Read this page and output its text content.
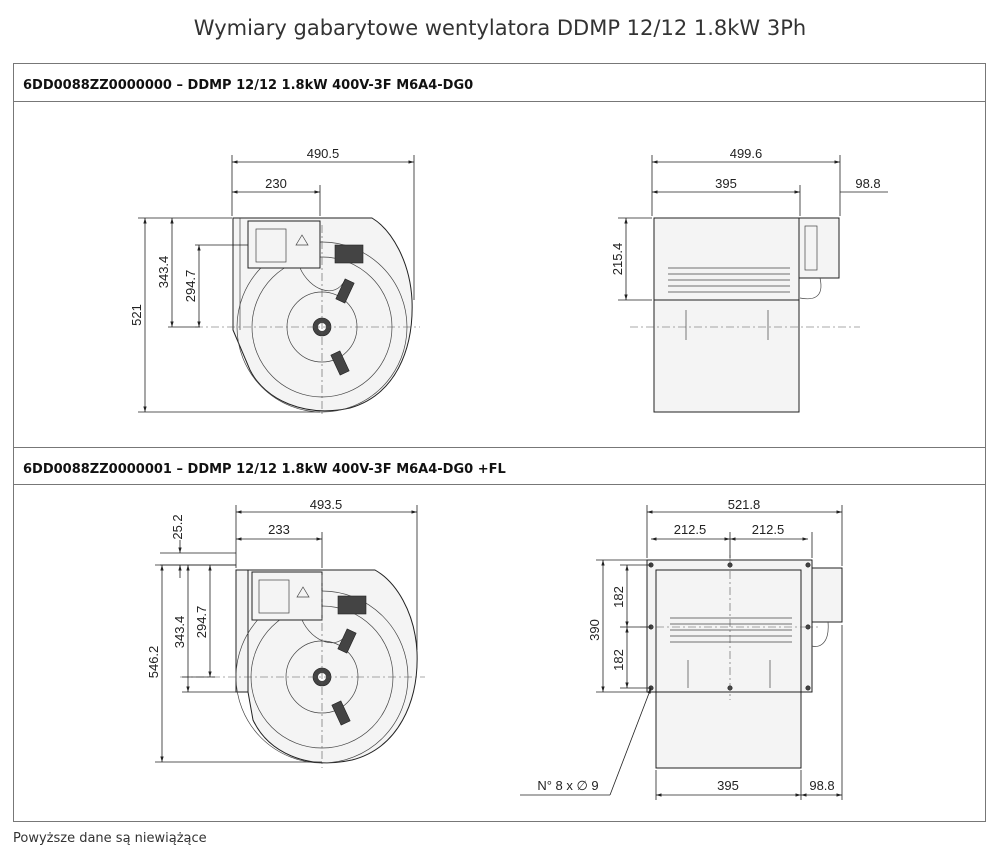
Wymiary gabarytowe wentylatora DDMP 12/12 1.8kW 3Ph
6DD0088ZZ0000000 – DDMP 12/12 1.8kW 400V-3F M6A4-DG0
6DD0088ZZ0000001 – DDMP 12/12 1.8kW 400V-3F M6A4-DG0 +FL
490.5
230
521
343.4 294.7
499.6
395	98.8
215.4
493.5
233
25.2
546.2
343.4 294.7
521.8
212.5	212.5
390
182
182
395	98.8
N° 8 x ∅ 9
Powyższe dane są niewiążące
